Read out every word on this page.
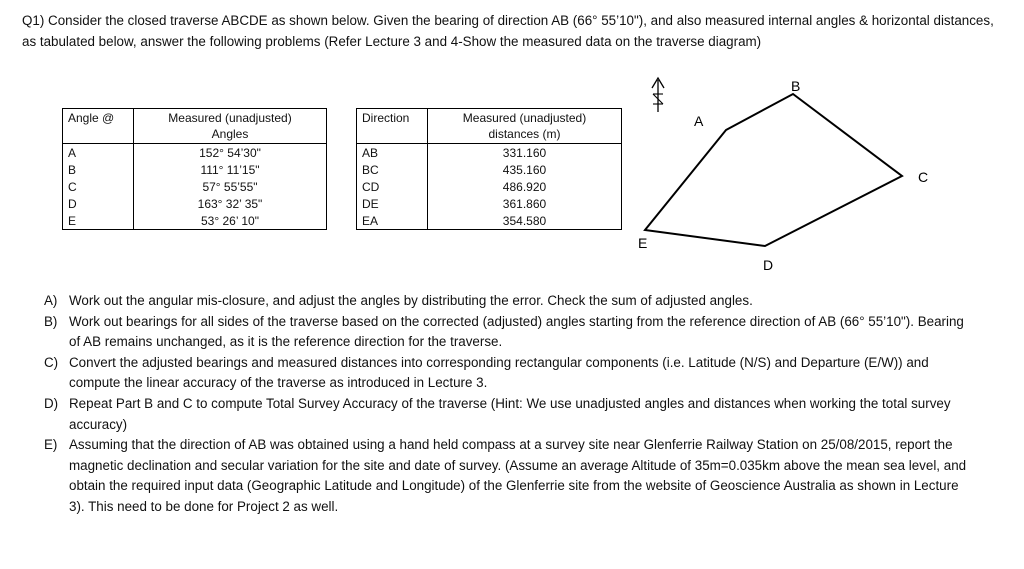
Q1) Consider the closed traverse ABCDE as shown below. Given the bearing of direction AB (66° 55’10"), and also measured internal angles & horizontal distances, as tabulated below, answer the following problems (Refer Lecture 3 and 4-Show the measured data on the traverse diagram)
Angle @	Measured (unadjusted)
Angles
A	152° 54’30"
B	111° 11’15"
C	57° 55’55"
D	163° 32’ 35"
E	53° 26’ 10"
Direction	Measured (unadjusted)
distances (m)
AB	331.160
BC	435.160
CD	486.920
DE	361.860
EA	354.580
N
A
B
C
D
E
A) Work out the angular mis-closure, and adjust the angles by distributing the error. Check the sum of adjusted angles.
B) Work out bearings for all sides of the traverse based on the corrected (adjusted) angles starting from the reference direction of AB (66° 55’10"). Bearing of AB remains unchanged, as it is the reference direction for the traverse.
C) Convert the adjusted bearings and measured distances into corresponding rectangular components (i.e. Latitude (N/S) and Departure (E/W)) and compute the linear accuracy of the traverse as introduced in Lecture 3.
D) Repeat Part B and C to compute Total Survey Accuracy of the traverse (Hint: We use unadjusted angles and distances when working the total survey accuracy)
E) Assuming that the direction of AB was obtained using a hand held compass at a survey site near Glenferrie Railway Station on 25/08/2015, report the magnetic declination and secular variation for the site and date of survey. (Assume an average Altitude of 35m=0.035km above the mean sea level, and obtain the required input data (Geographic Latitude and Longitude) of the Glenferrie site from the website of Geoscience Australia as shown in Lecture 3). This need to be done for Project 2 as well.
